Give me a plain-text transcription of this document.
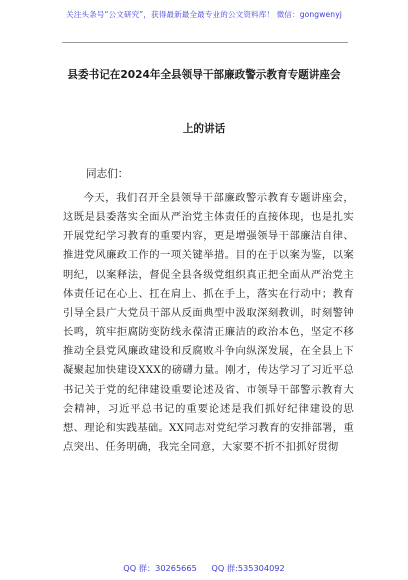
关注头条号“公文研究”，获得最新最全最专业的公文资料库！ 微信：gongwenyj
县委书记在2024年全县领导干部廉政警示教育专题讲座会
上的讲话
同志们：
今天，我们召开全县领导干部廉政警示教育专题讲座会，这既是县委落实全面从严治党主体责任的直接体现，也是扎实开展党纪学习教育的重要内容，更是增强领导干部廉洁自律、推进党风廉政工作的一项关键举措。目的在于以案为鉴，以案明纪，以案释法，督促全县各级党组织真正把全面从严治党主体责任记在心上、扛在肩上、抓在手上，落实在行动中；教育引导全县广大党员干部从反面典型中汲取深刻教训，时刻警钟长鸣，筑牢拒腐防变防线永葆清正廉洁的政治本色，坚定不移推动全县党风廉政建设和反腐败斗争向纵深发展，在全县上下凝聚起加快建设XXX的磅礴力量。刚才，传达学习了习近平总书记关于党的纪律建设重要论述及省、市领导干部警示教育大会精神，习近平总书记的重要论述是我们抓好纪律建设的思想、理论和实践基础。XX同志对党纪学习教育的安排部署，重点突出、任务明确，我完全同意，大家要不折不扣抓好贯彻
QQ 群：30265665 QQ 群:535304092
